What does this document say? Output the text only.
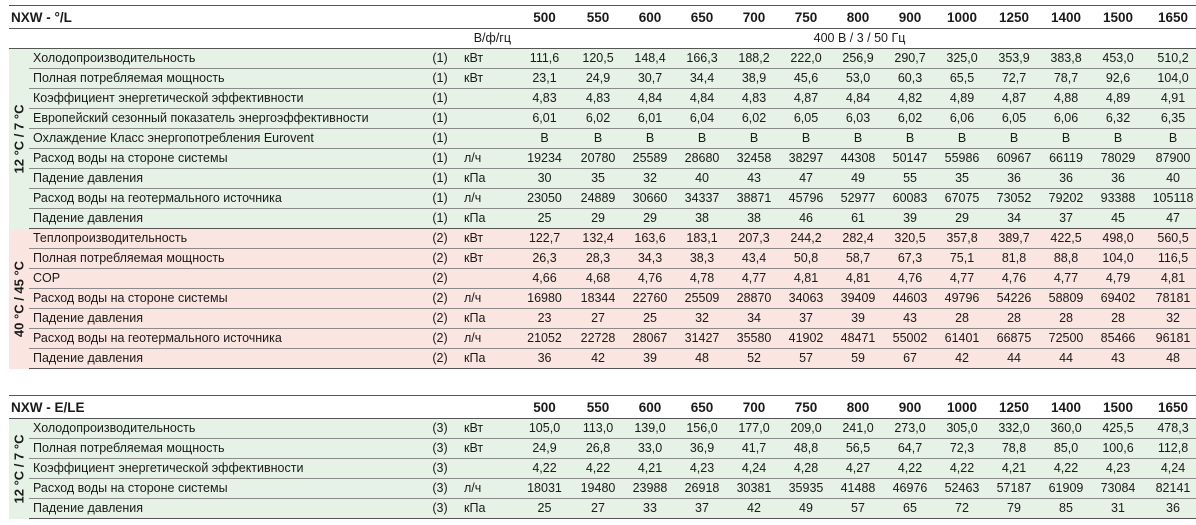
NXW - °/L				500	550	600	650	700	750	800	900	1000	1250	1400	1500	1650
		В/ф/гц		400 В / 3 / 50 Гц												

12 °C / 7 °C	Холодопроизводительность	(1)	кВт	111,6	120,5	148,4	166,3	188,2	222,0	256,9	290,7	325,0	353,9	383,8	453,0	510,2
	Полная потребляемая мощность	(1)	кВт	23,1	24,9	30,7	34,4	38,9	45,6	53,0	60,3	65,5	72,7	78,7	92,6	104,0
	Коэффициент энергетической эффективности	(1)		4,83	4,83	4,84	4,84	4,83	4,87	4,84	4,82	4,89	4,87	4,88	4,89	4,91
	Европейский сезонный показатель энергоэффективности	(1)		6,01	6,02	6,01	6,04	6,02	6,05	6,03	6,02	6,06	6,05	6,06	6,32	6,35
	Охлаждение Класс энергопотребления Eurovent	(1)		B	B	B	B	B	B	B	B	B	B	B	B	B
	Расход воды на стороне системы	(1)	л/ч	19234	20780	25589	28680	32458	38297	44308	50147	55986	60967	66119	78029	87900
	Падение давления	(1)	кПа	30	35	32	40	43	47	49	55	35	36	36	36	40
	Расход воды на геотермального источника	(1)	л/ч	23050	24889	30660	34337	38871	45796	52977	60083	67075	73052	79202	93388	105118
	Падение давления	(1)	кПа	25	29	29	38	38	46	61	39	29	34	37	45	47

40 °C / 45 °C	Теплопроизводительность	(2)	кВт	122,7	132,4	163,6	183,1	207,3	244,2	282,4	320,5	357,8	389,7	422,5	498,0	560,5
	Полная потребляемая мощность	(2)	кВт	26,3	28,3	34,3	38,3	43,4	50,8	58,7	67,3	75,1	81,8	88,8	104,0	116,5
	COP	(2)		4,66	4,68	4,76	4,78	4,77	4,81	4,81	4,76	4,77	4,76	4,77	4,79	4,81
	Расход воды на стороне системы	(2)	л/ч	16980	18344	22760	25509	28870	34063	39409	44603	49796	54226	58809	69402	78181
	Падение давления	(2)	кПа	23	27	25	32	34	37	39	43	28	28	28	28	32
	Расход воды на геотермального источника	(2)	л/ч	21052	22728	28067	31427	35580	41902	48471	55002	61401	66875	72500	85466	96181
	Падение давления	(2)	кПа	36	42	39	48	52	57	59	67	42	44	44	43	48
NXW - E/LE				500	550	600	650	700	750	800	900	1000	1250	1400	1500	1650

12 °C / 7 °C	Холодопроизводительность	(3)	кВт	105,0	113,0	139,0	156,0	177,0	209,0	241,0	273,0	305,0	332,0	360,0	425,5	478,3
	Полная потребляемая мощность	(3)	кВт	24,9	26,8	33,0	36,9	41,7	48,8	56,5	64,7	72,3	78,8	85,0	100,6	112,8
	Коэффициент энергетической эффективности	(3)		4,22	4,22	4,21	4,23	4,24	4,28	4,27	4,22	4,22	4,21	4,22	4,23	4,24
	Расход воды на стороне системы	(3)	л/ч	18031	19480	23988	26918	30381	35935	41488	46976	52463	57187	61909	73084	82141
	Падение давления	(3)	кПа	25	27	33	37	42	49	57	65	72	79	85	31	36
